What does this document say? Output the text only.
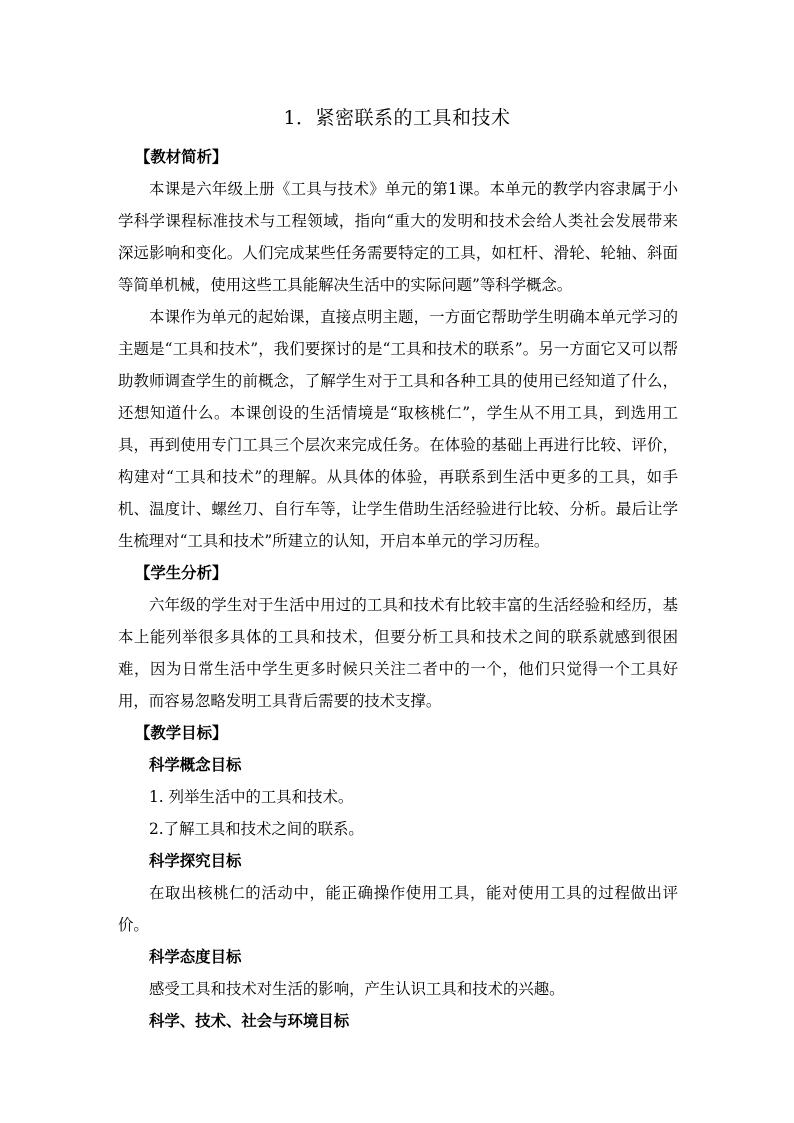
1．紧密联系的工具和技术

【教材简析】

本课是六年级上册《工具与技术》单元的第1课。本单元的教学内容隶属于小学科学课程标准技术与工程领域，指向“重大的发明和技术会给人类社会发展带来深远影响和变化。人们完成某些任务需要特定的工具，如杠杆、滑轮、轮轴、斜面等简单机械，使用这些工具能解决生活中的实际问题”等科学概念。

本课作为单元的起始课，直接点明主题，一方面它帮助学生明确本单元学习的主题是“工具和技术”，我们要探讨的是“工具和技术的联系”。另一方面它又可以帮助教师调查学生的前概念，了解学生对于工具和各种工具的使用已经知道了什么，还想知道什么。本课创设的生活情境是“取核桃仁”，学生从不用工具，到选用工具，再到使用专门工具三个层次来完成任务。在体验的基础上再进行比较、评价，构建对“工具和技术”的理解。从具体的体验，再联系到生活中更多的工具，如手机、温度计、螺丝刀、自行车等，让学生借助生活经验进行比较、分析。最后让学生梳理对“工具和技术”所建立的认知，开启本单元的学习历程。

【学生分析】

六年级的学生对于生活中用过的工具和技术有比较丰富的生活经验和经历，基本上能列举很多具体的工具和技术，但要分析工具和技术之间的联系就感到很困难，因为日常生活中学生更多时候只关注二者中的一个，他们只觉得一个工具好用，而容易忽略发明工具背后需要的技术支撑。

【教学目标】

科学概念目标

1. 列举生活中的工具和技术。

2.了解工具和技术之间的联系。

科学探究目标

在取出核桃仁的活动中，能正确操作使用工具，能对使用工具的过程做出评价。

科学态度目标

感受工具和技术对生活的影响，产生认识工具和技术的兴趣。

科学、技术、社会与环境目标
